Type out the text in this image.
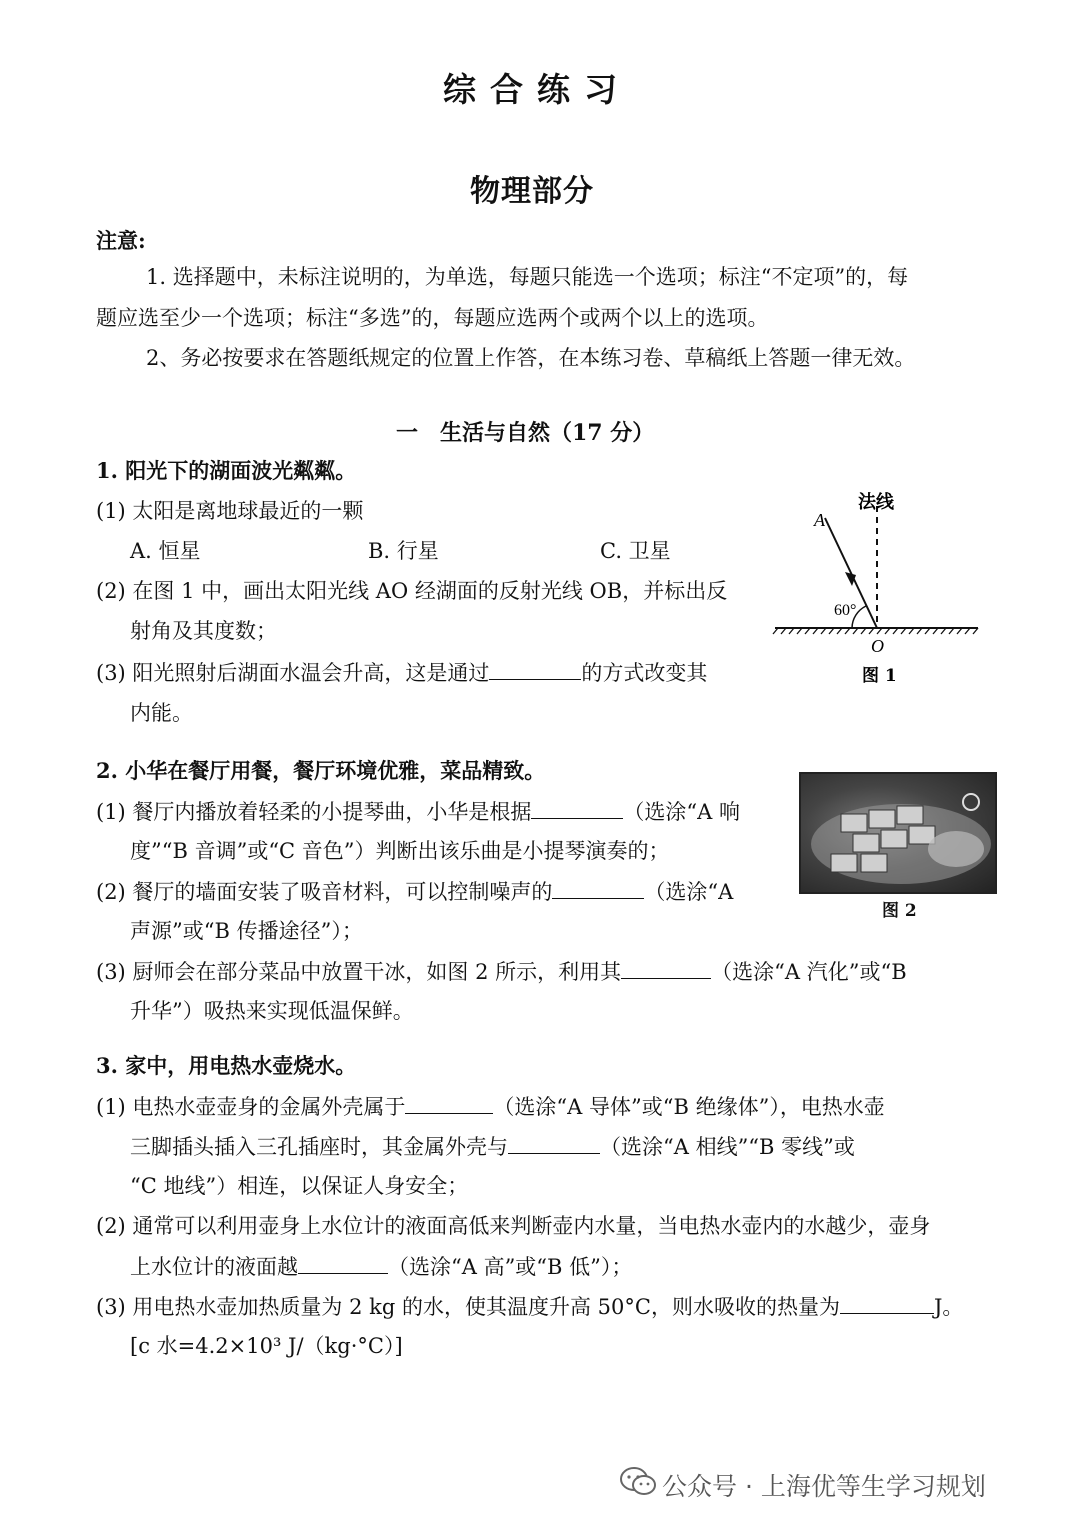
综合练习
物理部分
注意:
1. 选择题中，未标注说明的，为单选，每题只能选一个选项；标注“不定项”的，每
题应选至少一个选项；标注“多选”的，每题应选两个或两个以上的选项。
2、务必按要求在答题纸规定的位置上作答，在本练习卷、草稿纸上答题一律无效。
一　生活与自然（17 分）
1. 阳光下的湖面波光粼粼。
(1) 太阳是离地球最近的一颗
A. 恒星	B. 行星	C. 卫星
(2) 在图 1 中，画出太阳光线 AO 经湖面的反射光线 OB，并标出反
射角及其度数；
(3) 阳光照射后湖面水温会升高，这是通过	的方式改变其
内能。
A
法线
60°
O
图 1
2. 小华在餐厅用餐，餐厅环境优雅，菜品精致。
(1) 餐厅内播放着轻柔的小提琴曲，小华是根据	（选涂“A 响
度”“B 音调”或“C 音色”）判断出该乐曲是小提琴演奏的；
(2) 餐厅的墙面安装了吸音材料，可以控制噪声的	（选涂“A
声源”或“B 传播途径”）；
(3) 厨师会在部分菜品中放置干冰，如图 2 所示，利用其	（选涂“A 汽化”或“B
升华”）吸热来实现低温保鲜。
图 2
3. 家中，用电热水壶烧水。
(1) 电热水壶壶身的金属外壳属于	（选涂“A 导体”或“B 绝缘体”），电热水壶
三脚插头插入三孔插座时，其金属外壳与	（选涂“A 相线”“B 零线”或
“C 地线”）相连，以保证人身安全；
(2) 通常可以利用壶身上水位计的液面高低来判断壶内水量，当电热水壶内的水越少，壶身
上水位计的液面越	（选涂“A 高”或“B 低”）；
(3) 用电热水壶加热质量为 2 kg 的水，使其温度升高 50°C，则水吸收的热量为	J。
[c 水=4.2×10³ J/（kg·°C）]
公众号 · 上海优等生学习规划
